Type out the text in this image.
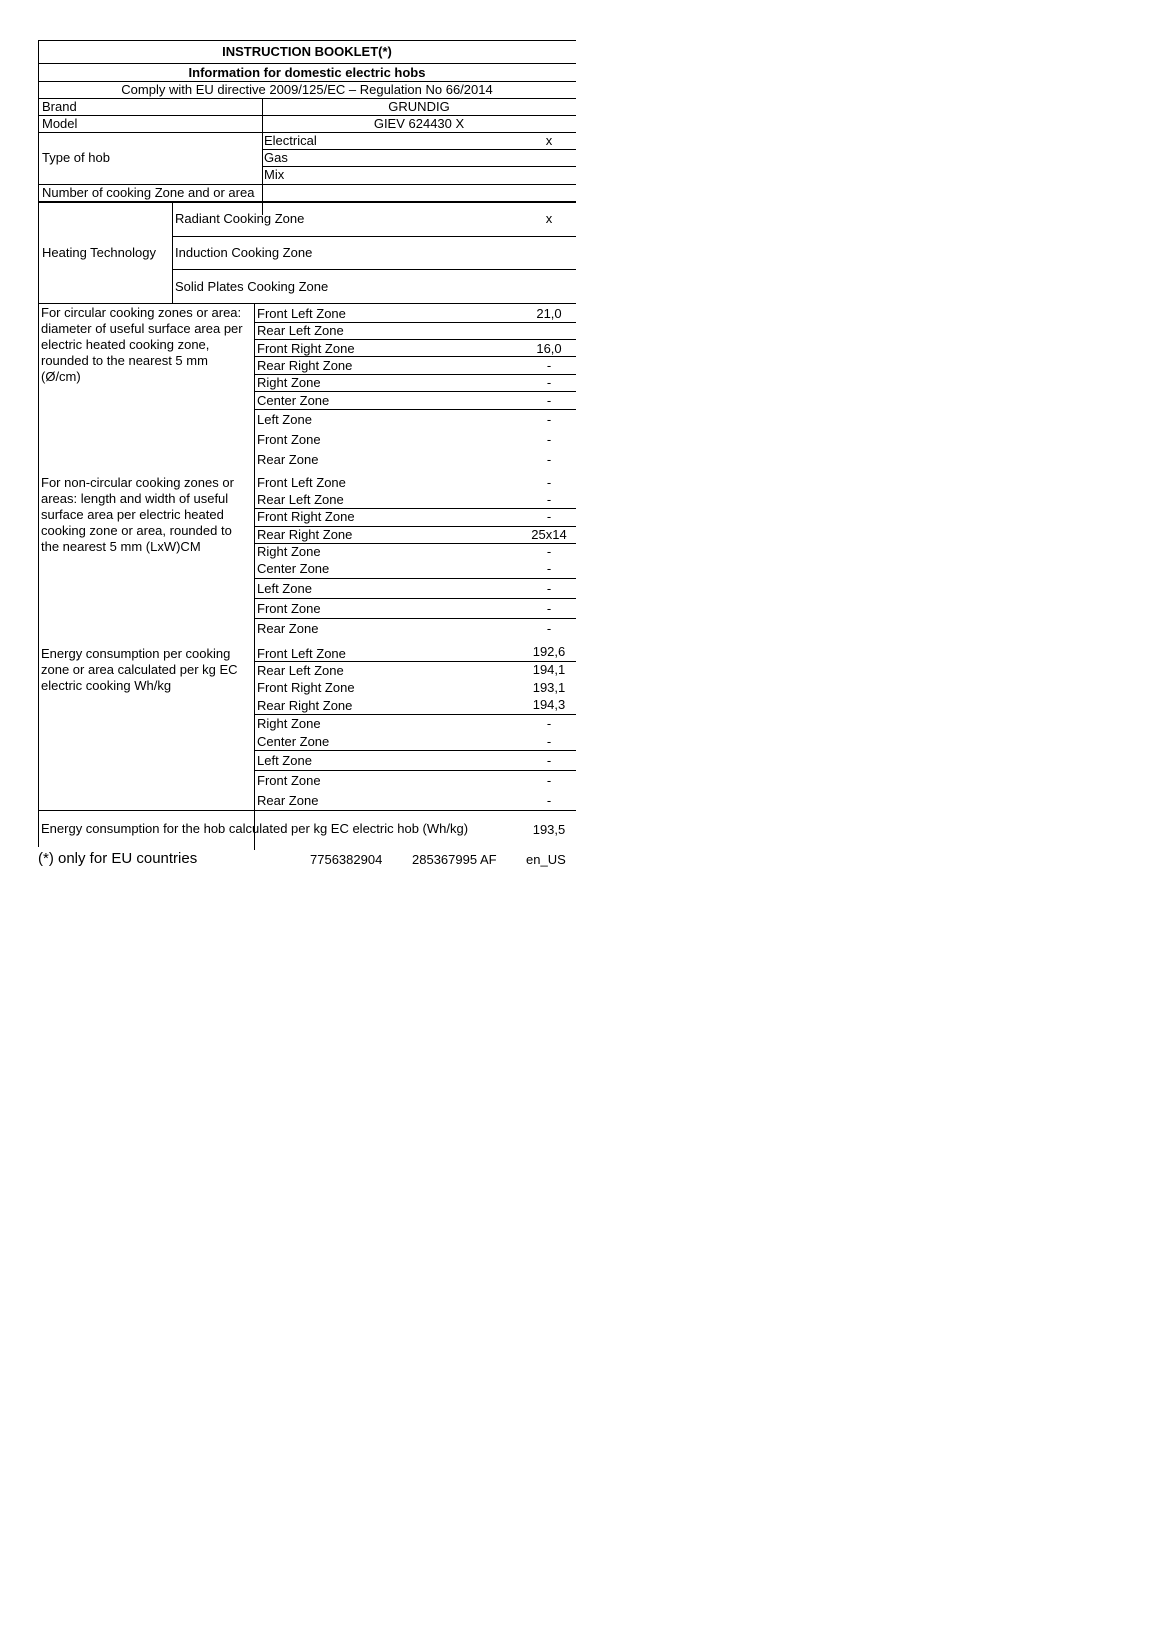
INSTRUCTION BOOKLET(*)
Information for domestic electric hobs
Comply with EU directive 2009/125/EC – Regulation No 66/2014
Brand	GRUNDIG
Model	GIEV 624430 X
Type of hob
Electrical	x
Gas
Mix
Number of cooking Zone and or area
Heating Technology
Radiant Cooking Zone	x
Induction Cooking Zone
Solid Plates Cooking Zone
For circular cooking zones or area: diameter of useful surface area per electric heated cooking zone, rounded to the nearest 5 mm (Ø/cm)
Front Left Zone	21,0
Rear Left Zone
Front Right Zone	16,0
Rear Right Zone	-
Right Zone	-
Center Zone	-
Left Zone	-
Front Zone	-
Rear Zone	-
For non-circular cooking zones or areas: length and width of useful surface area per electric heated cooking zone or area, rounded to the nearest 5 mm (LxW)CM
Front Left Zone	-
Rear Left Zone	-
Front Right Zone	-
Rear Right Zone	25x14
Right Zone	-
Center Zone	-
Left Zone	-
Front Zone	-
Rear Zone	-
Energy consumption per cooking zone or area calculated per kg EC electric cooking Wh/kg
Front Left Zone	192,6
Rear Left Zone	194,1
Front Right Zone	193,1
Rear Right Zone	194,3
Right Zone	-
Center Zone	-
Left Zone	-
Front Zone	-
Rear Zone	-
Energy consumption for the hob calculated per kg EC electric hob (Wh/kg)	193,5
(*) only for EU countries	7756382904 285367995 AF en_US
